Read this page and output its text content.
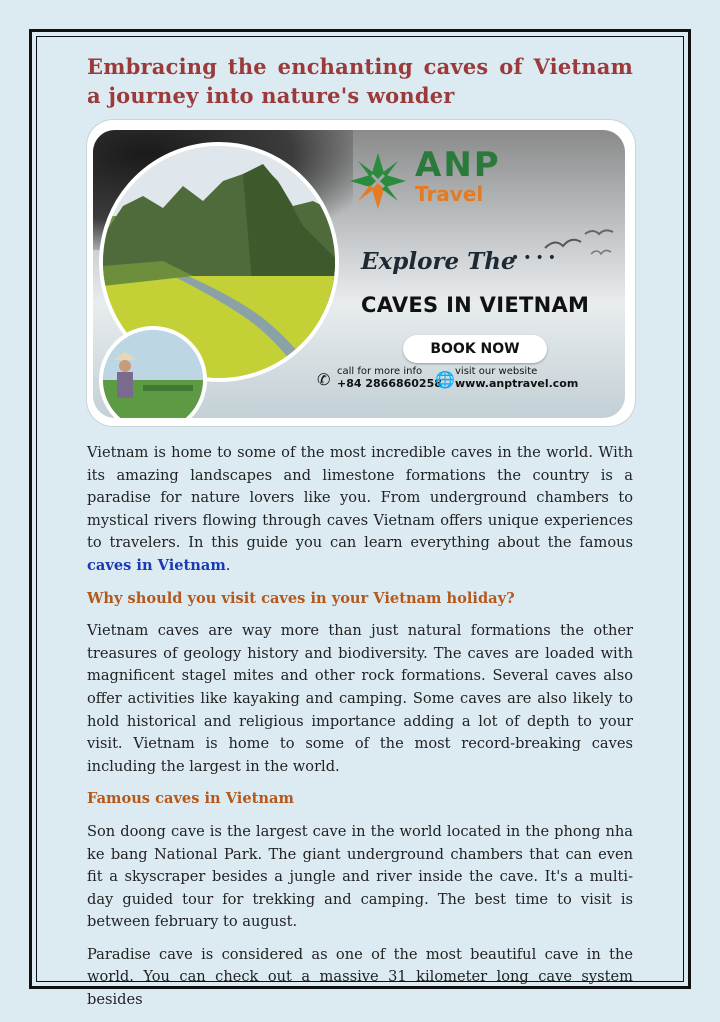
Embracing the enchanting caves of Vietnam a journey into nature's wonder
ANP
Travel
Explore The
••••
CAVES IN VIETNAM
BOOK NOW
✆ call for more info
+84 2866860258
🌐 visit our website
www.anptravel.com

Vietnam is home to some of the most incredible caves in the world. With its amazing landscapes and limestone formations the country is a paradise for nature lovers like you. From underground chambers to mystical rivers flowing through caves Vietnam offers unique experiences to travelers. In this guide you can learn everything about the famous caves in Vietnam.

Why should you visit caves in your Vietnam holiday?

Vietnam caves are way more than just natural formations the other treasures of geology history and biodiversity. The caves are loaded with magnificent stagel mites and other rock formations. Several caves also offer activities like kayaking and camping. Some caves are also likely to hold historical and religious importance adding a lot of depth to your visit. Vietnam is home to some of the most record-breaking caves including the largest in the world.

Famous caves in Vietnam

Son doong cave is the largest cave in the world located in the phong nha ke bang National Park. The giant underground chambers that can even fit a skyscraper besides a jungle and river inside the cave. It's a multi-day guided tour for trekking and camping. The best time to visit is between february to august.

Paradise cave is considered as one of the most beautiful cave in the world. You can check out a massive 31 kilometer long cave system besides
